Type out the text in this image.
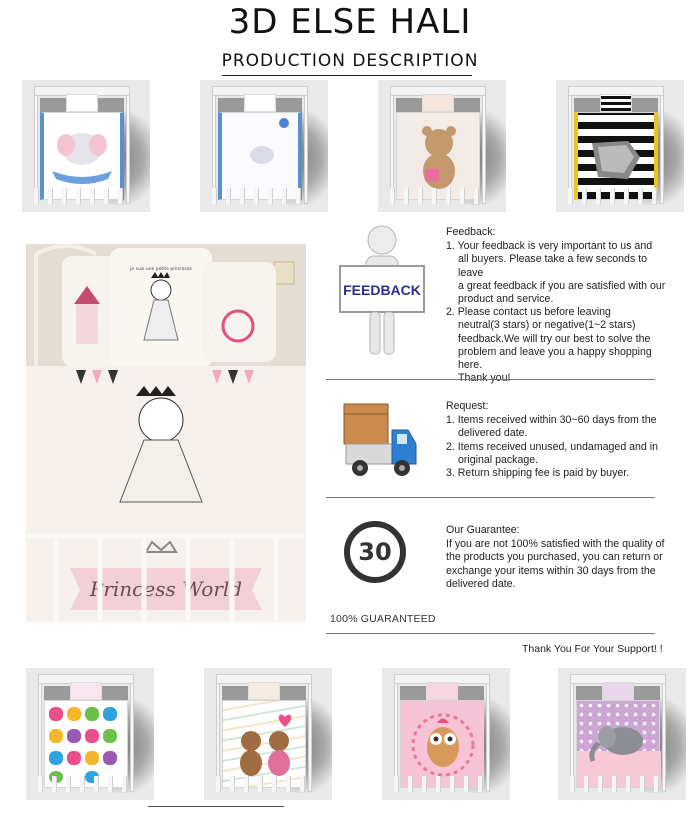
3D ELSE HALI
PRODUCTION DESCRIPTION
je suis une petite princesse
Princess World
FEEDBACK
Feedback:
1. Your feedback is very important to us and
all buyers. Please take a few seconds to leave
a great feedback if you are satisfied with our
product and service.
2. Please contact us before leaving
neutral(3 stars) or negative(1~2 stars)
feedback.We will try our best to solve the
problem and leave you a happy shopping here.
Request:
1. Items received within 30~60 days from the
delivered date.
2. Items received unused, undamaged and in
original package.
3. Return shipping fee is paid by buyer.
30
100% GUARANTEED
Our Guarantee:
If you are not 100% satisfied with the quality of
the products you purchased, you can return or
exchange your items within 30 days from the
delivered date.
Thank You For Your Support! !
